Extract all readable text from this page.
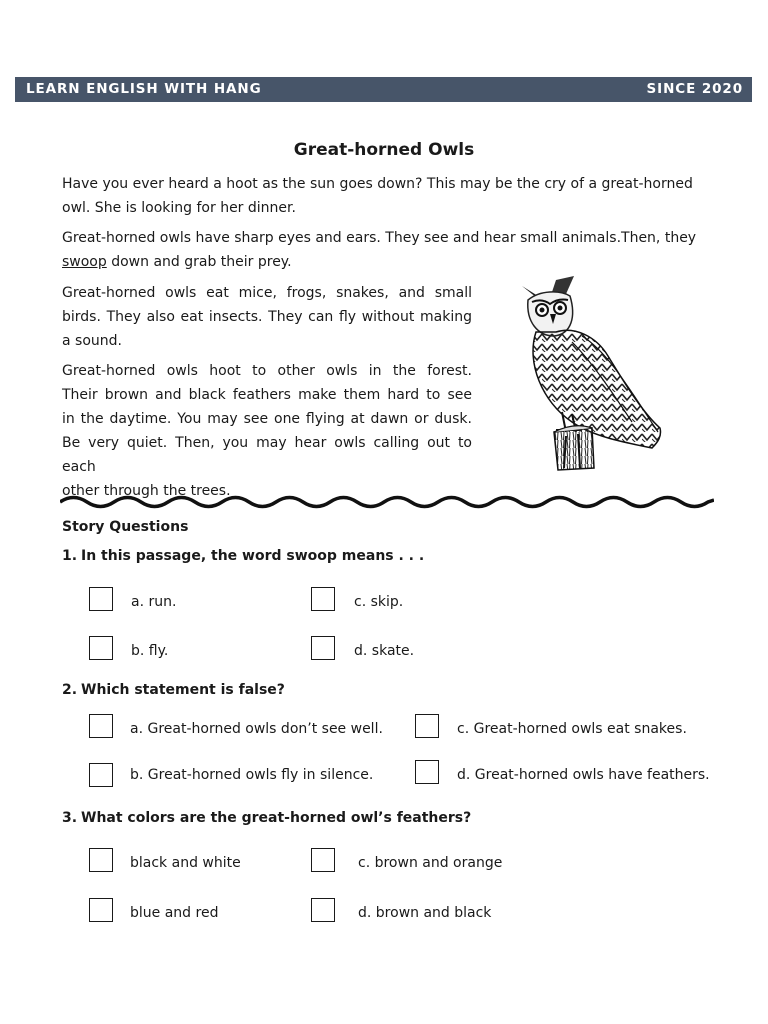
LEARN ENGLISH WITH HANG	SINCE 2020
Great-horned Owls
Have you ever heard a hoot as the sun goes down? This may be the cry of a great-horned
owl. She is looking for her dinner.
Great-horned owls have sharp eyes and ears. They see and hear small animals.Then, they
swoop down and grab their prey.
Great-horned owls eat mice, frogs, snakes, and small
birds. They also eat insects. They can fly without making
a sound.
Great-horned owls hoot to other owls in the forest.
Their brown and black feathers make them hard to see
in the daytime. You may see one flying at dawn or dusk.
Be very quiet. Then, you may hear owls calling out to each
other through the trees.
Story Questions
1. In this passage, the word swoop means . . .
a. run.	c. skip.
b. fly.	d. skate.
2. Which statement is false?
a. Great-horned owls don’t see well.	c. Great-horned owls eat snakes.
b. Great-horned owls fly in silence.	d. Great-horned owls have feathers.
3. What colors are the great-horned owl’s feathers?
black and white	c. brown and orange
blue and red	d. brown and black
